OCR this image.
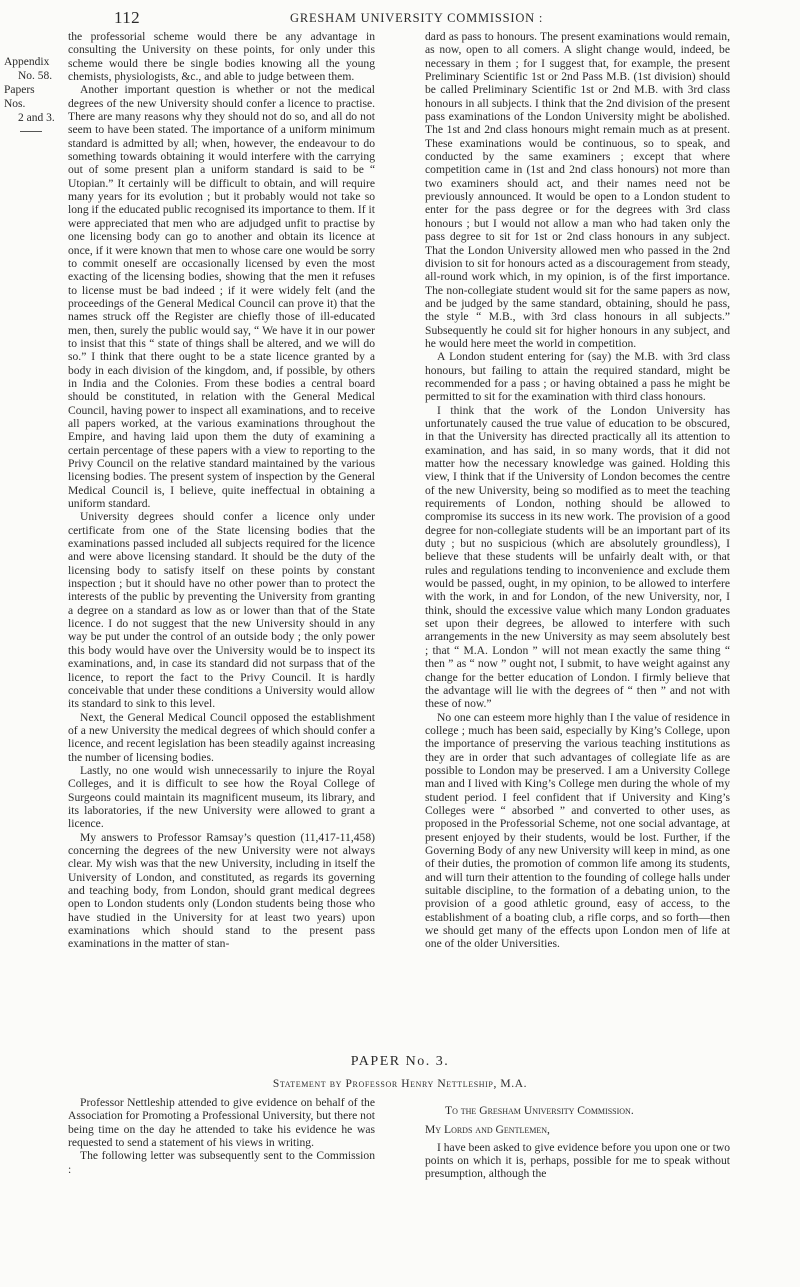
112	GRESHAM UNIVERSITY COMMISSION :
Appendix
No. 58.
Papers Nos.
2 and 3.

the professorial scheme would there be any advantage in consulting the University on these points, for only under this scheme would there be single bodies knowing all the young chemists, physiologists, &c., and able to judge between them.

Another important question is whether or not the medical degrees of the new University should confer a licence to practise. There are many reasons why they should not do so, and all do not seem to have been stated. The importance of a uniform minimum standard is admitted by all; when, however, the endeavour to do something towards obtaining it would interfere with the carrying out of some present plan a uniform standard is said to be “ Utopian.” It certainly will be difficult to obtain, and will require many years for its evolution ; but it probably would not take so long if the educated public recognised its importance to them. If it were appreciated that men who are adjudged unfit to practise by one licensing body can go to another and obtain its licence at once, if it were known that men to whose care one would be sorry to commit oneself are occasionally licensed by even the most exacting of the licensing bodies, showing that the men it refuses to license must be bad indeed ; if it were widely felt (and the proceedings of the General Medical Council can prove it) that the names struck off the Register are chiefly those of ill-educated men, then, surely the public would say, “ We have it in our power to insist that this “ state of things shall be altered, and we will do so.” I think that there ought to be a state licence granted by a body in each division of the kingdom, and, if possible, by others in India and the Colonies. From these bodies a central board should be constituted, in relation with the General Medical Council, having power to inspect all examinations, and to receive all papers worked, at the various examinations throughout the Empire, and having laid upon them the duty of examining a certain percentage of these papers with a view to reporting to the Privy Council on the relative standard maintained by the various licensing bodies. The present system of inspection by the General Medical Council is, I believe, quite ineffectual in obtaining a uniform standard.

University degrees should confer a licence only under certificate from one of the State licensing bodies that the examinations passed included all subjects required for the licence and were above licensing standard. It should be the duty of the licensing body to satisfy itself on these points by constant inspection ; but it should have no other power than to protect the interests of the public by preventing the University from granting a degree on a standard as low as or lower than that of the State licence. I do not suggest that the new University should in any way be put under the control of an outside body ; the only power this body would have over the University would be to inspect its examinations, and, in case its standard did not surpass that of the licence, to report the fact to the Privy Council. It is hardly conceivable that under these conditions a University would allow its standard to sink to this level.

Next, the General Medical Council opposed the establishment of a new University the medical degrees of which should confer a licence, and recent legislation has been steadily against increasing the number of licensing bodies.

Lastly, no one would wish unnecessarily to injure the Royal Colleges, and it is difficult to see how the Royal College of Surgeons could maintain its magnificent museum, its library, and its laboratories, if the new University were allowed to grant a licence.

My answers to Professor Ramsay’s question (11,417-11,458) concerning the degrees of the new University were not always clear. My wish was that the new University, including in itself the University of London, and constituted, as regards its governing and teaching body, from London, should grant medical degrees open to London students only (London students being those who have studied in the University for at least two years) upon examinations which should stand to the present pass examinations in the matter of stan-

dard as pass to honours. The present examinations would remain, as now, open to all comers. A slight change would, indeed, be necessary in them ; for I suggest that, for example, the present Preliminary Scientific 1st or 2nd Pass M.B. (1st division) should be called Preliminary Scientific 1st or 2nd M.B. with 3rd class honours in all subjects. I think that the 2nd division of the present pass examinations of the London University might be abolished. The 1st and 2nd class honours might remain much as at present. These examinations would be continuous, so to speak, and conducted by the same examiners ; except that where competition came in (1st and 2nd class honours) not more than two examiners should act, and their names need not be previously announced. It would be open to a London student to enter for the pass degree or for the degrees with 3rd class honours ; but I would not allow a man who had taken only the pass degree to sit for 1st or 2nd class honours in any subject. That the London University allowed men who passed in the 2nd division to sit for honours acted as a discouragement from steady, all-round work which, in my opinion, is of the first importance. The non-collegiate student would sit for the same papers as now, and be judged by the same standard, obtaining, should he pass, the style “ M.B., with 3rd class honours in all subjects.” Subsequently he could sit for higher honours in any subject, and he would here meet the world in competition.

A London student entering for (say) the M.B. with 3rd class honours, but failing to attain the required standard, might be recommended for a pass ; or having obtained a pass he might be permitted to sit for the examination with third class honours.

I think that the work of the London University has unfortunately caused the true value of education to be obscured, in that the University has directed practically all its attention to examination, and has said, in so many words, that it did not matter how the necessary knowledge was gained. Holding this view, I think that if the University of London becomes the centre of the new University, being so modified as to meet the teaching requirements of London, nothing should be allowed to compromise its success in its new work. The provision of a good degree for non-collegiate students will be an important part of its duty ; but no suspicious (which are absolutely groundless), I believe that these students will be unfairly dealt with, or that rules and regulations tending to inconvenience and exclude them would be passed, ought, in my opinion, to be allowed to interfere with the work, in and for London, of the new University, nor, I think, should the excessive value which many London graduates set upon their degrees, be allowed to interfere with such arrangements in the new University as may seem absolutely best ; that “ M.A. London ” will not mean exactly the same thing “ then ” as “ now ” ought not, I submit, to have weight against any change for the better education of London. I firmly believe that the advantage will lie with the degrees of “ then ” and not with these of now.”

No one can esteem more highly than I the value of residence in college ; much has been said, especially by King’s College, upon the importance of preserving the various teaching institutions as they are in order that such advantages of collegiate life as are possible to London may be preserved. I am a University College man and I lived with King’s College men during the whole of my student period. I feel confident that if University and King’s Colleges were “ absorbed ” and converted to other uses, as proposed in the Professorial Scheme, not one social advantage, at present enjoyed by their students, would be lost. Further, if the Governing Body of any new University will keep in mind, as one of their duties, the promotion of common life among its students, and will turn their attention to the founding of college halls under suitable discipline, to the formation of a debating union, to the provision of a good athletic ground, easy of access, to the establishment of a boating club, a rifle corps, and so forth—then we should get many of the effects upon London men of life at one of the older Universities.

PAPER No. 3.
Statement by Professor Henry Nettleship, M.A.

Professor Nettleship attended to give evidence on behalf of the Association for Promoting a Professional University, but there not being time on the day he attended to take his evidence he was requested to send a statement of his views in writing.

The following letter was subsequently sent to the Commission :

To the Gresham University Commission.

My Lords and Gentlemen,

I have been asked to give evidence before you upon one or two points on which it is, perhaps, possible for me to speak without presumption, although the
